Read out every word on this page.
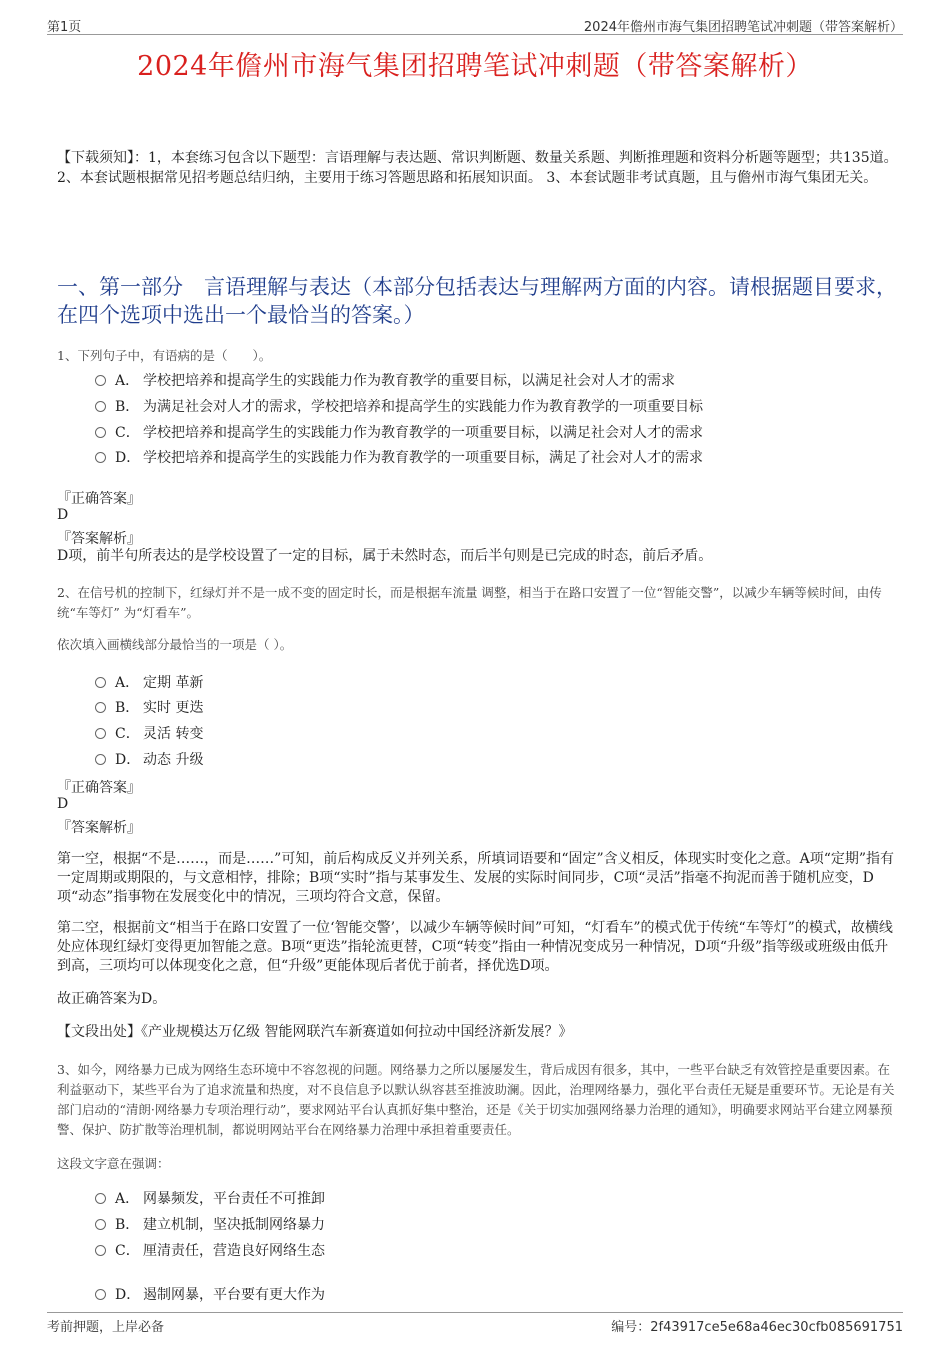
第1页	2024年儋州市海气集团招聘笔试冲刺题（带答案解析）
2024年儋州市海气集团招聘笔试冲刺题（带答案解析）
【下载须知】：1，本套练习包含以下题型：言语理解与表达题、常识判断题、数量关系题、判断推理题和资料分析题等题型；共135道。 2、本套试题根据常见招考题总结归纳，主要用于练习答题思路和拓展知识面。 3、本套试题非考试真题，且与儋州市海气集团无关。
一、第一部分　言语理解与表达（本部分包括表达与理解两方面的内容。请根据题目要求，在四个选项中选出一个最恰当的答案。）
1、下列句子中，有语病的是（　　）。
A． 学校把培养和提高学生的实践能力作为教育教学的重要目标，以满足社会对人才的需求
B． 为满足社会对人才的需求，学校把培养和提高学生的实践能力作为教育教学的一项重要目标
C． 学校把培养和提高学生的实践能力作为教育教学的一项重要目标，以满足社会对人才的需求
D． 学校把培养和提高学生的实践能力作为教育教学的一项重要目标，满足了社会对人才的需求
『正确答案』
D
『答案解析』
D项，前半句所表达的是学校设置了一定的目标，属于未然时态，而后半句则是已完成的时态，前后矛盾。
2、在信号机的控制下，红绿灯并不是一成不变的固定时长，而是根据车流量 调整，相当于在路口安置了一位“智能交警”，以减少车辆等候时间，由传统“车等灯” 为“灯看车”。
依次填入画横线部分最恰当的一项是（ ）。
A． 定期 革新
B． 实时 更迭
C． 灵活 转变
D． 动态 升级
『正确答案』
D
『答案解析』
第一空，根据“不是……，而是……”可知，前后构成反义并列关系，所填词语要和“固定”含义相反，体现实时变化之意。A项“定期”指有一定周期或期限的，与文意相悖，排除；B项“实时”指与某事发生、发展的实际时间同步，C项“灵活”指毫不拘泥而善于随机应变，D项“动态”指事物在发展变化中的情况，三项均符合文意，保留。
第二空，根据前文“相当于在路口安置了一位‘智能交警’，以减少车辆等候时间”可知，“灯看车”的模式优于传统“车等灯”的模式，故横线处应体现红绿灯变得更加智能之意。B项“更迭”指轮流更替，C项“转变”指由一种情况变成另一种情况，D项“升级”指等级或班级由低升到高，三项均可以体现变化之意，但“升级”更能体现后者优于前者，择优选D项。
故正确答案为D。
【文段出处】《产业规模达万亿级 智能网联汽车新赛道如何拉动中国经济新发展？》
3、如今，网络暴力已成为网络生态环境中不容忽视的问题。网络暴力之所以屡屡发生，背后成因有很多，其中，一些平台缺乏有效管控是重要因素。在利益驱动下，某些平台为了追求流量和热度，对不良信息予以默认纵容甚至推波助澜。因此，治理网络暴力，强化平台责任无疑是重要环节。无论是有关部门启动的“清朗·网络暴力专项治理行动”，要求网站平台认真抓好集中整治，还是《关于切实加强网络暴力治理的通知》，明确要求网站平台建立网暴预警、保护、防扩散等治理机制，都说明网站平台在网络暴力治理中承担着重要责任。
这段文字意在强调：
A． 网暴频发，平台责任不可推卸
B． 建立机制，坚决抵制网络暴力
C． 厘清责任，营造良好网络生态
D． 遏制网暴，平台要有更大作为
考前押题，上岸必备	编号：2f43917ce5e68a46ec30cfb085691751
